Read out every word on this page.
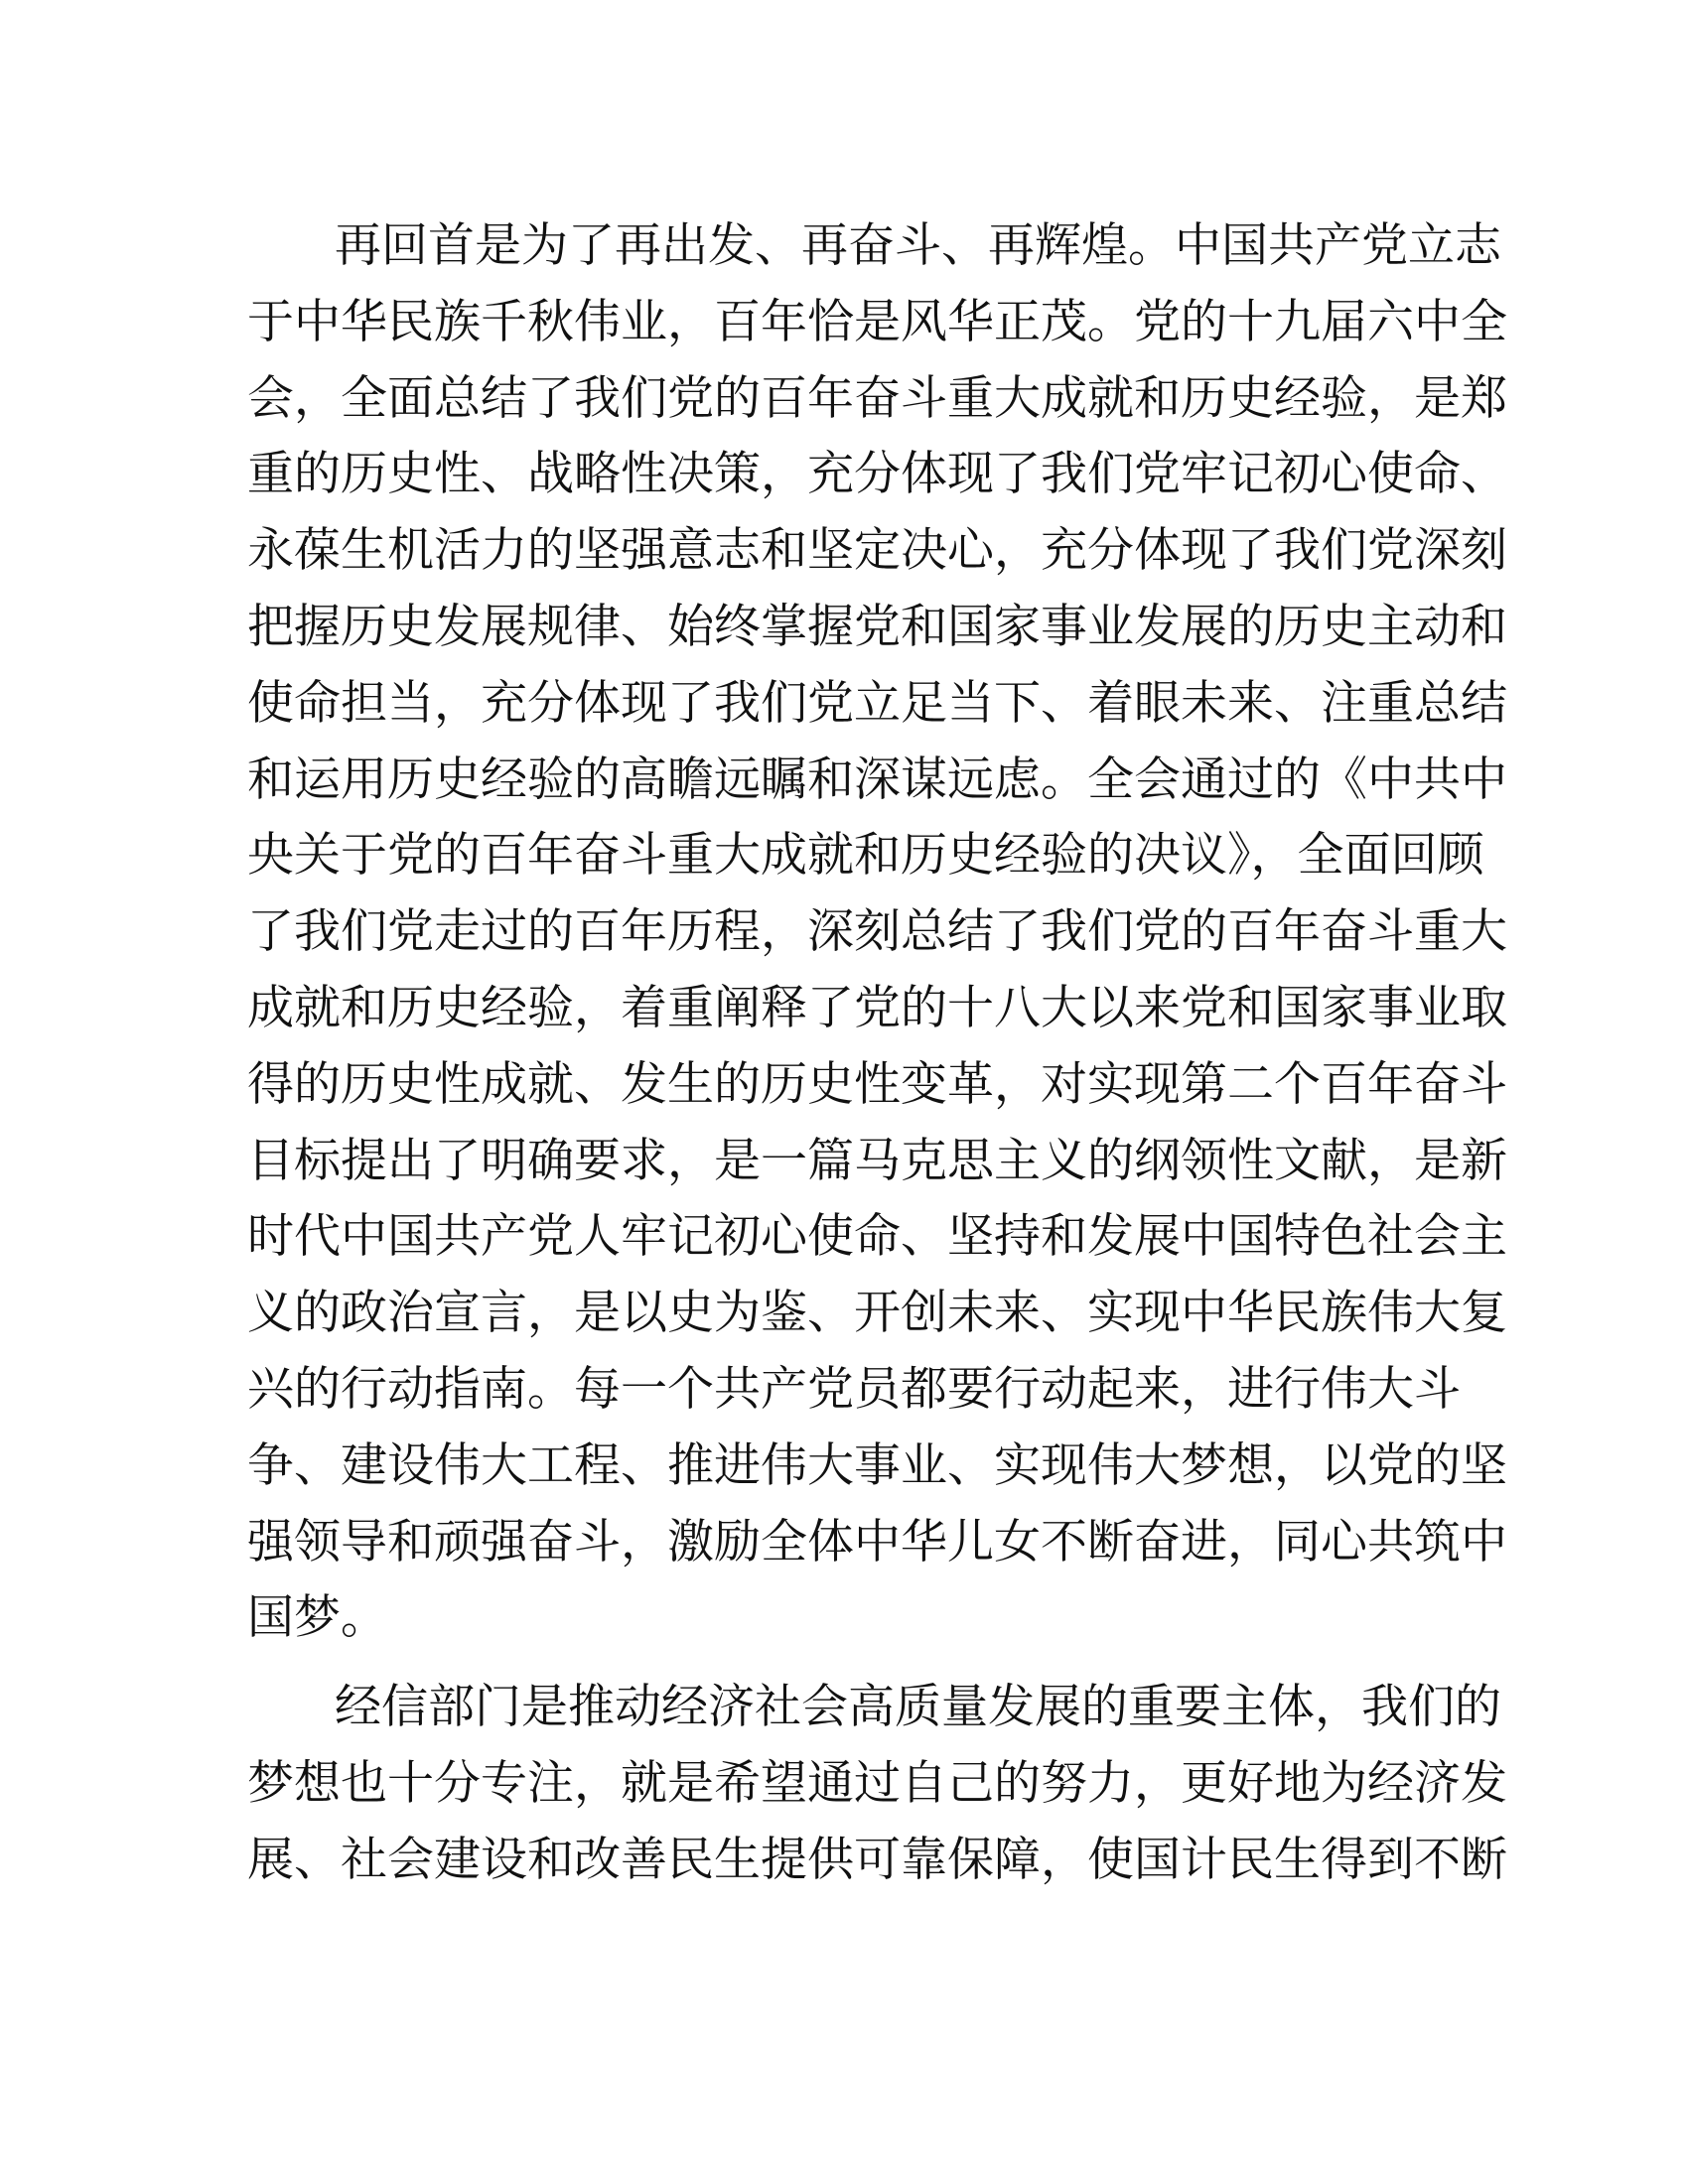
再回首是为了再出发、再奋斗、再辉煌。中国共产党立志
于中华民族千秋伟业，百年恰是风华正茂。党的十九届六中全
会，全面总结了我们党的百年奋斗重大成就和历史经验，是郑
重的历史性、战略性决策，充分体现了我们党牢记初心使命、
永葆生机活力的坚强意志和坚定决心，充分体现了我们党深刻
把握历史发展规律、始终掌握党和国家事业发展的历史主动和
使命担当，充分体现了我们党立足当下、着眼未来、注重总结
和运用历史经验的高瞻远瞩和深谋远虑。全会通过的《中共中
央关于党的百年奋斗重大成就和历史经验的决议》，全面回顾
了我们党走过的百年历程，深刻总结了我们党的百年奋斗重大
成就和历史经验，着重阐释了党的十八大以来党和国家事业取
得的历史性成就、发生的历史性变革，对实现第二个百年奋斗
目标提出了明确要求，是一篇马克思主义的纲领性文献，是新
时代中国共产党人牢记初心使命、坚持和发展中国特色社会主
义的政治宣言，是以史为鉴、开创未来、实现中华民族伟大复
兴的行动指南。每一个共产党员都要行动起来，进行伟大斗
争、建设伟大工程、推进伟大事业、实现伟大梦想，以党的坚
强领导和顽强奋斗，激励全体中华儿女不断奋进，同心共筑中
国梦。
经信部门是推动经济社会高质量发展的重要主体，我们的
梦想也十分专注，就是希望通过自己的努力，更好地为经济发
展、社会建设和改善民生提供可靠保障，使国计民生得到不断
